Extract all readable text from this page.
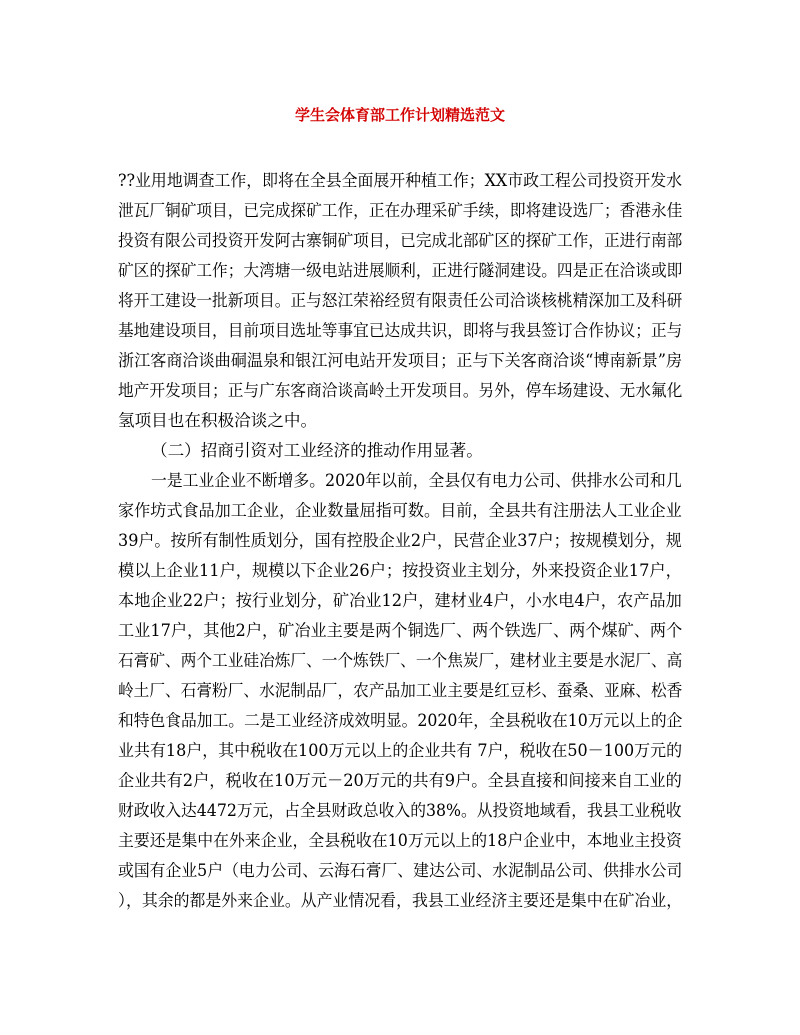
学生会体育部工作计划精选范文
??业用地调查工作，即将在全县全面展开种植工作；XX市政工程公司投资开发水
泄瓦厂铜矿项目，已完成探矿工作，正在办理采矿手续，即将建设选厂；香港永佳
投资有限公司投资开发阿古寨铜矿项目，已完成北部矿区的探矿工作，正进行南部
矿区的探矿工作；大湾塘一级电站进展顺利，正进行隧洞建设。四是正在洽谈或即
将开工建设一批新项目。正与怒江荣裕经贸有限责任公司洽谈核桃精深加工及科研
基地建设项目，目前项目选址等事宜已达成共识，即将与我县签订合作协议；正与
浙江客商洽谈曲硐温泉和银江河电站开发项目；正与下关客商洽谈“博南新景”房
地产开发项目；正与广东客商洽谈高岭土开发项目。另外，停车场建设、无水氟化
氢项目也在积极洽谈之中。
（二）招商引资对工业经济的推动作用显著。
一是工业企业不断增多。2020年以前，全县仅有电力公司、供排水公司和几
家作坊式食品加工企业，企业数量屈指可数。目前，全县共有注册法人工业企业
39户。按所有制性质划分，国有控股企业2户，民营企业37户；按规模划分，规
模以上企业11户，规模以下企业26户；按投资业主划分，外来投资企业17户，
本地企业22户；按行业划分，矿冶业12户，建材业4户，小水电4户，农产品加
工业17户，其他2户，矿冶业主要是两个铜选厂、两个铁选厂、两个煤矿、两个
石膏矿、两个工业硅冶炼厂、一个炼铁厂、一个焦炭厂，建材业主要是水泥厂、高
岭土厂、石膏粉厂、水泥制品厂，农产品加工业主要是红豆杉、蚕桑、亚麻、松香
和特色食品加工。二是工业经济成效明显。2020年，全县税收在10万元以上的企
业共有18户，其中税收在100万元以上的企业共有 7户，税收在50－100万元的
企业共有2户，税收在10万元－20万元的共有9户。全县直接和间接来自工业的
财政收入达4472万元，占全县财政总收入的38%。从投资地域看，我县工业税收
主要还是集中在外来企业，全县税收在10万元以上的18户企业中，本地业主投资
或国有企业5户（电力公司、云海石膏厂、建达公司、水泥制品公司、供排水公司
），其余的都是外来企业。从产业情况看，我县工业经济主要还是集中在矿冶业，
